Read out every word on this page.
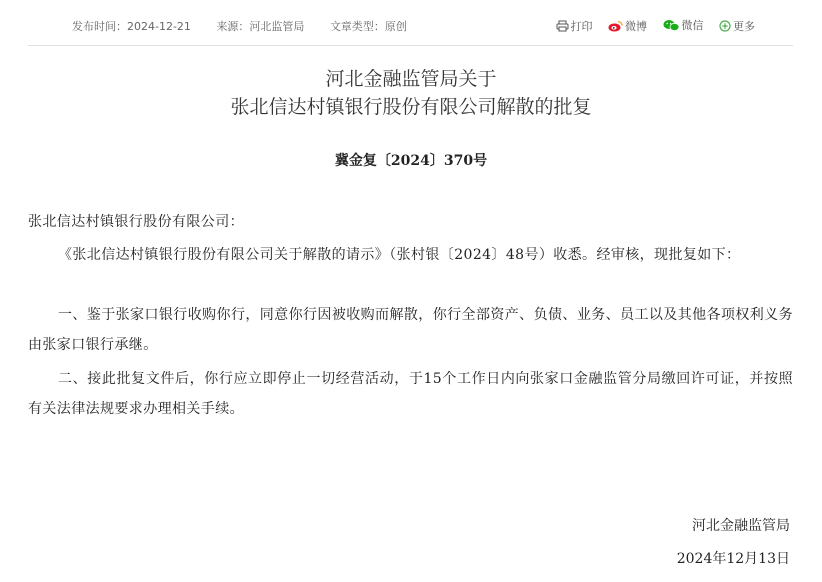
发布时间：2024-12-21 来源：河北监管局 文章类型：原创	打印
	微博
	微信
	更多
河北金融监管局关于
张北信达村镇银行股份有限公司解散的批复
冀金复〔2024〕370号
张北信达村镇银行股份有限公司：
《张北信达村镇银行股份有限公司关于解散的请示》（张村银〔2024〕48号）收悉。经审核，现批复如下：
一、鉴于张家口银行收购你行，同意你行因被收购而解散，你行全部资产、负债、业务、员工以及其他各项权利义务由张家口银行承继。
二、接此批复文件后，你行应立即停止一切经营活动，于15个工作日内向张家口金融监管分局缴回许可证，并按照有关法律法规要求办理相关手续。
河北金融监管局
2024年12月13日
